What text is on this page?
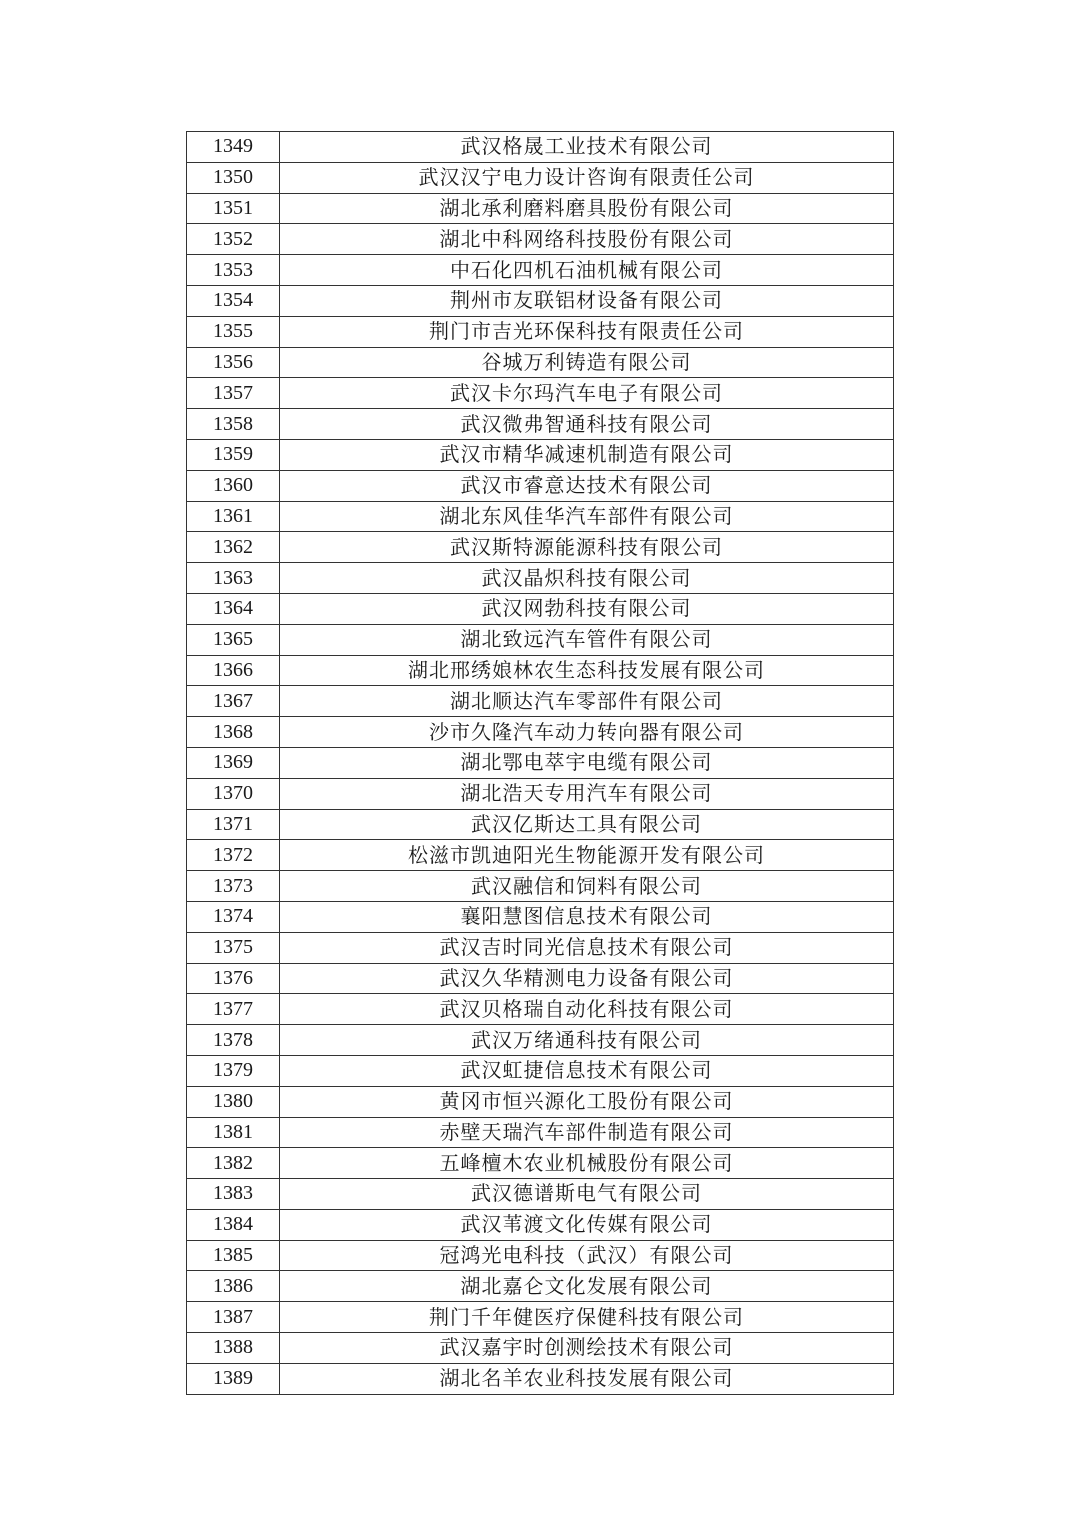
1349	武汉格晟工业技术有限公司
1350	武汉汉宁电力设计咨询有限责任公司
1351	湖北承利磨料磨具股份有限公司
1352	湖北中科网络科技股份有限公司
1353	中石化四机石油机械有限公司
1354	荆州市友联铝材设备有限公司
1355	荆门市吉光环保科技有限责任公司
1356	谷城万利铸造有限公司
1357	武汉卡尔玛汽车电子有限公司
1358	武汉微弗智通科技有限公司
1359	武汉市精华减速机制造有限公司
1360	武汉市睿意达技术有限公司
1361	湖北东风佳华汽车部件有限公司
1362	武汉斯特源能源科技有限公司
1363	武汉晶炽科技有限公司
1364	武汉网勃科技有限公司
1365	湖北致远汽车管件有限公司
1366	湖北邢绣娘林农生态科技发展有限公司
1367	湖北顺达汽车零部件有限公司
1368	沙市久隆汽车动力转向器有限公司
1369	湖北鄂电萃宇电缆有限公司
1370	湖北浩天专用汽车有限公司
1371	武汉亿斯达工具有限公司
1372	松滋市凯迪阳光生物能源开发有限公司
1373	武汉融信和饲料有限公司
1374	襄阳慧图信息技术有限公司
1375	武汉吉时同光信息技术有限公司
1376	武汉久华精测电力设备有限公司
1377	武汉贝格瑞自动化科技有限公司
1378	武汉万绪通科技有限公司
1379	武汉虹捷信息技术有限公司
1380	黄冈市恒兴源化工股份有限公司
1381	赤壁天瑞汽车部件制造有限公司
1382	五峰檀木农业机械股份有限公司
1383	武汉德谱斯电气有限公司
1384	武汉苇渡文化传媒有限公司
1385	冠鸿光电科技（武汉）有限公司
1386	湖北嘉仑文化发展有限公司
1387	荆门千年健医疗保健科技有限公司
1388	武汉嘉宇时创测绘技术有限公司
1389	湖北名羊农业科技发展有限公司
